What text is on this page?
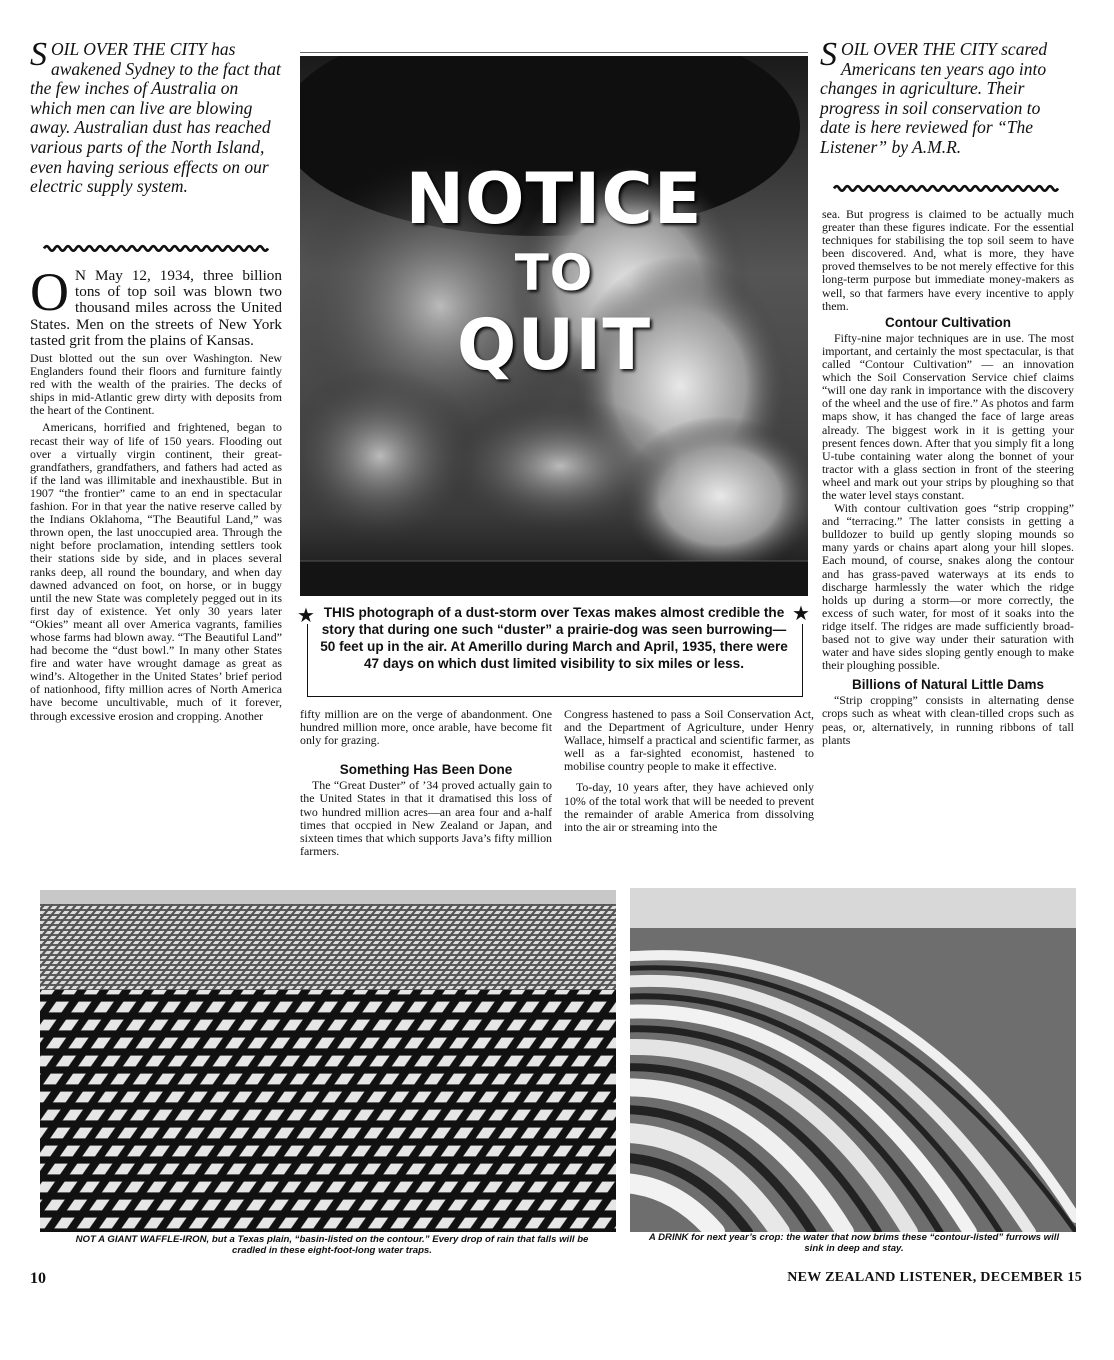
SOIL OVER THE CITY has awakened Sydney to the fact that the few inches of Australia on which men can live are blowing away. Australian dust has reached various parts of the North Island, even having serious effects on our electric supply system.
O N May 12, 1934, three billion tons of top soil was blown two thousand miles across the United States. Men on the streets of New York tasted grit from the plains of Kansas.

Dust blotted out the sun over Washington. New Englanders found their floors and furniture faintly red with the wealth of the prairies. The decks of ships in mid-Atlantic grew dirty with deposits from the heart of the Continent.

Americans, horrified and frightened, began to recast their way of life of 150 years. Flooding out over a virtually virgin continent, their great-grandfathers, grandfathers, and fathers had acted as if the land was illimitable and inexhaustible. But in 1907 “the frontier” came to an end in spectacular fashion. For in that year the native reserve called by the Indians Oklahoma, “The Beautiful Land,” was thrown open, the last unoccupied area. Through the night before proclamation, intending settlers took their stations side by side, and in places several ranks deep, all round the boundary, and when day dawned advanced on foot, on horse, or in buggy until the new State was completely pegged out in its first day of existence. Yet only 30 years later “Okies” meant all over America vagrants, families whose farms had blown away. “The Beautiful Land” had become the “dust bowl.” In many other States fire and water have wrought damage as great as wind’s. Altogether in the United States’ brief period of nationhood, fifty million acres of North America have become uncultivable, much of it forever, through excessive erosion and cropping. Another

NOTICE
TO
QUIT
★	★
THIS photograph of a dust-storm over Texas makes almost credible the story that during one such “duster” a prairie-dog was seen burrowing—50 feet up in the air. At Amerillo during March and April, 1935, there were 47 days on which dust limited visibility to six miles or less.

fifty million are on the verge of abandonment. One hundred million more, once arable, have become fit only for grazing.

Something Has Been Done

The “Great Duster” of ’34 proved actually gain to the United States in that it dramatised this loss of two hundred million acres—an area four and a-half times that occpied in New Zealand or Japan, and sixteen times that which supports Java’s fifty million farmers.

Congress hastened to pass a Soil Conservation Act, and the Department of Agriculture, under Henry Wallace, himself a practical and scientific farmer, as well as a far-sighted economist, hastened to mobilise country people to make it effective.

To-day, 10 years after, they have achieved only 10% of the total work that will be needed to prevent the remainder of arable America from dissolving into the air or streaming into the

SOIL OVER THE CITY scared Americans ten years ago into changes in agriculture. Their progress in soil conservation to date is here reviewed for “The Listener” by A.M.R.

sea. But progress is claimed to be actually much greater than these figures indicate. For the essential techniques for stabilising the top soil seem to have been discovered. And, what is more, they have proved themselves to be not merely effective for this long-term purpose but immediate money-makers as well, so that farmers have every incentive to apply them.

Contour Cultivation

Fifty-nine major techniques are in use. The most important, and certainly the most spectacular, is that called “Contour Cultivation” — an innovation which the Soil Conservation Service chief claims “will one day rank in importance with the discovery of the wheel and the use of fire.” As photos and farm maps show, it has changed the face of large areas already. The biggest work in it is getting your present fences down. After that you simply fit a long U-tube containing water along the bonnet of your tractor with a glass section in front of the steering wheel and mark out your strips by ploughing so that the water level stays constant.

With contour cultivation goes “strip cropping” and “terracing.” The latter consists in getting a bulldozer to build up gently sloping mounds so many yards or chains apart along your hill slopes. Each mound, of course, snakes along the contour and has grass-paved waterways at its ends to discharge harmlessly the water which the ridge holds up during a storm—or more correctly, the excess of such water, for most of it soaks into the ridge itself. The ridges are made sufficiently broad-based not to give way under their saturation with water and have sides sloping gently enough to make their ploughing possible.

Billions of Natural Little Dams

“Strip cropping” consists in alternating dense crops such as wheat with clean-tilled crops such as peas, or, alternatively, in running ribbons of tall plants

NOT A GIANT WAFFLE-IRON, but a Texas plain, “basin-listed on the contour.” Every drop of rain that falls will be cradled in these eight-foot-long water traps.
A DRINK for next year’s crop: the water that now brims these “contour-listed” furrows will sink in deep and stay.
10	NEW ZEALAND LISTENER, DECEMBER 15
